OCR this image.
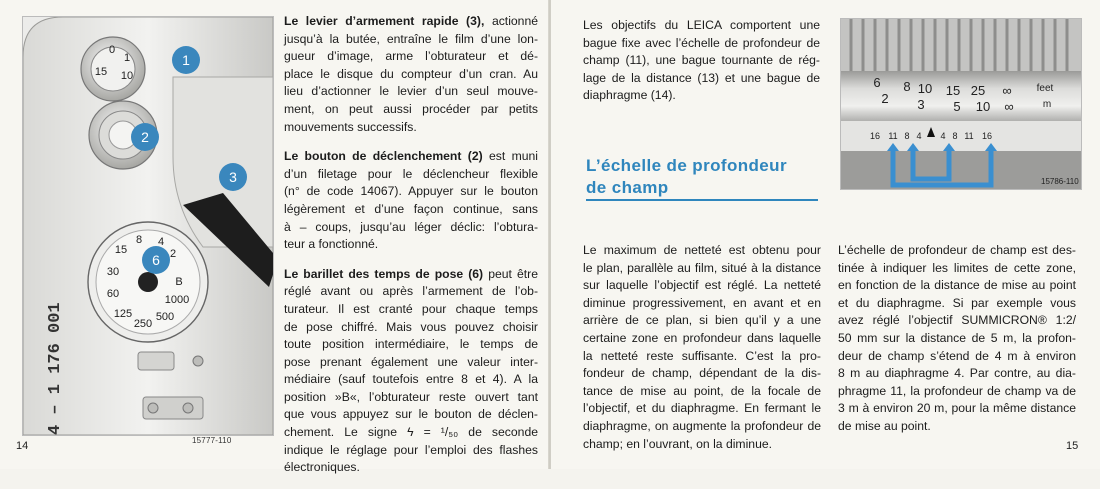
1
2
3
6
0
1
15 10
B
2
4
8
15
30
60
125
250
500
1000
4 – 1 176 001
15777-110

Le levier d’armement rapide (3), actionné
jusqu’à la butée, entraîne le film d’une lon-
gueur d’image, arme l’obturateur et dé-
place le disque du compteur d’un cran. Au
lieu d’actionner le levier d’un seul mouve-
ment, on peut aussi procéder par petits
mouvements successifs.

Le bouton de déclenchement (2) est muni
d’un filetage pour le déclencheur flexible
(n° de code 14067). Appuyer sur le bouton
légèrement et d’une façon continue, sans
à – coups, jusqu’au léger déclic: l’obtura-
teur a fonctionné.

Le barillet des temps de pose (6) peut être
réglé avant ou après l’armement de l’ob-
turateur. Il est cranté pour chaque temps
de pose chiffré. Mais vous pouvez choisir
toute position intermédiaire, le temps de
pose prenant également une valeur inter-
médiaire (sauf toutefois entre 8 et 4). A la
position »B«, l’obturateur reste ouvert tant
que vous appuyez sur le bouton de déclen-
chement. Le signe ϟ = ¹/₅₀ de seconde
indique le réglage pour l’emploi des flashes
électroniques.

14
Les objectifs du LEICA comportent une
bague fixe avec l’échelle de profondeur de
champ (11), une bague tournante de rég-
lage de la distance (13) et une bague de
diaphragme (14).
L’échelle de profondeur
de champ
6 8 10 15 25 ∞
2 3 5 10 ∞
feet
m
16 11 8 4 4 8 11 16
15786-110
Le maximum de netteté est obtenu pour
le plan, parallèle au film, situé à la distance
sur laquelle l’objectif est réglé. La netteté
diminue progressivement, en avant et en
arrière de ce plan, si bien qu’il y a une
certaine zone en profondeur dans laquelle
la netteté reste suffisante. C’est la pro-
fondeur de champ, dépendant de la dis-
tance de mise au point, de la focale de
l’objectif, et du diaphragme. En fermant le
diaphragme, on augmente la profondeur de
champ; en l’ouvrant, on la diminue.
L’échelle de profondeur de champ est des-
tinée à indiquer les limites de cette zone,
en fonction de la distance de mise au point
et du diaphragme. Si par exemple vous
avez réglé l’objectif SUMMICRON® 1:2/
50 mm sur la distance de 5 m, la profon-
deur de champ s’étend de 4 m à environ
8 m au diaphragme 4. Par contre, au dia-
phragme 11, la profondeur de champ va de
3 m à environ 20 m, pour la même distance
de mise au point.
15
